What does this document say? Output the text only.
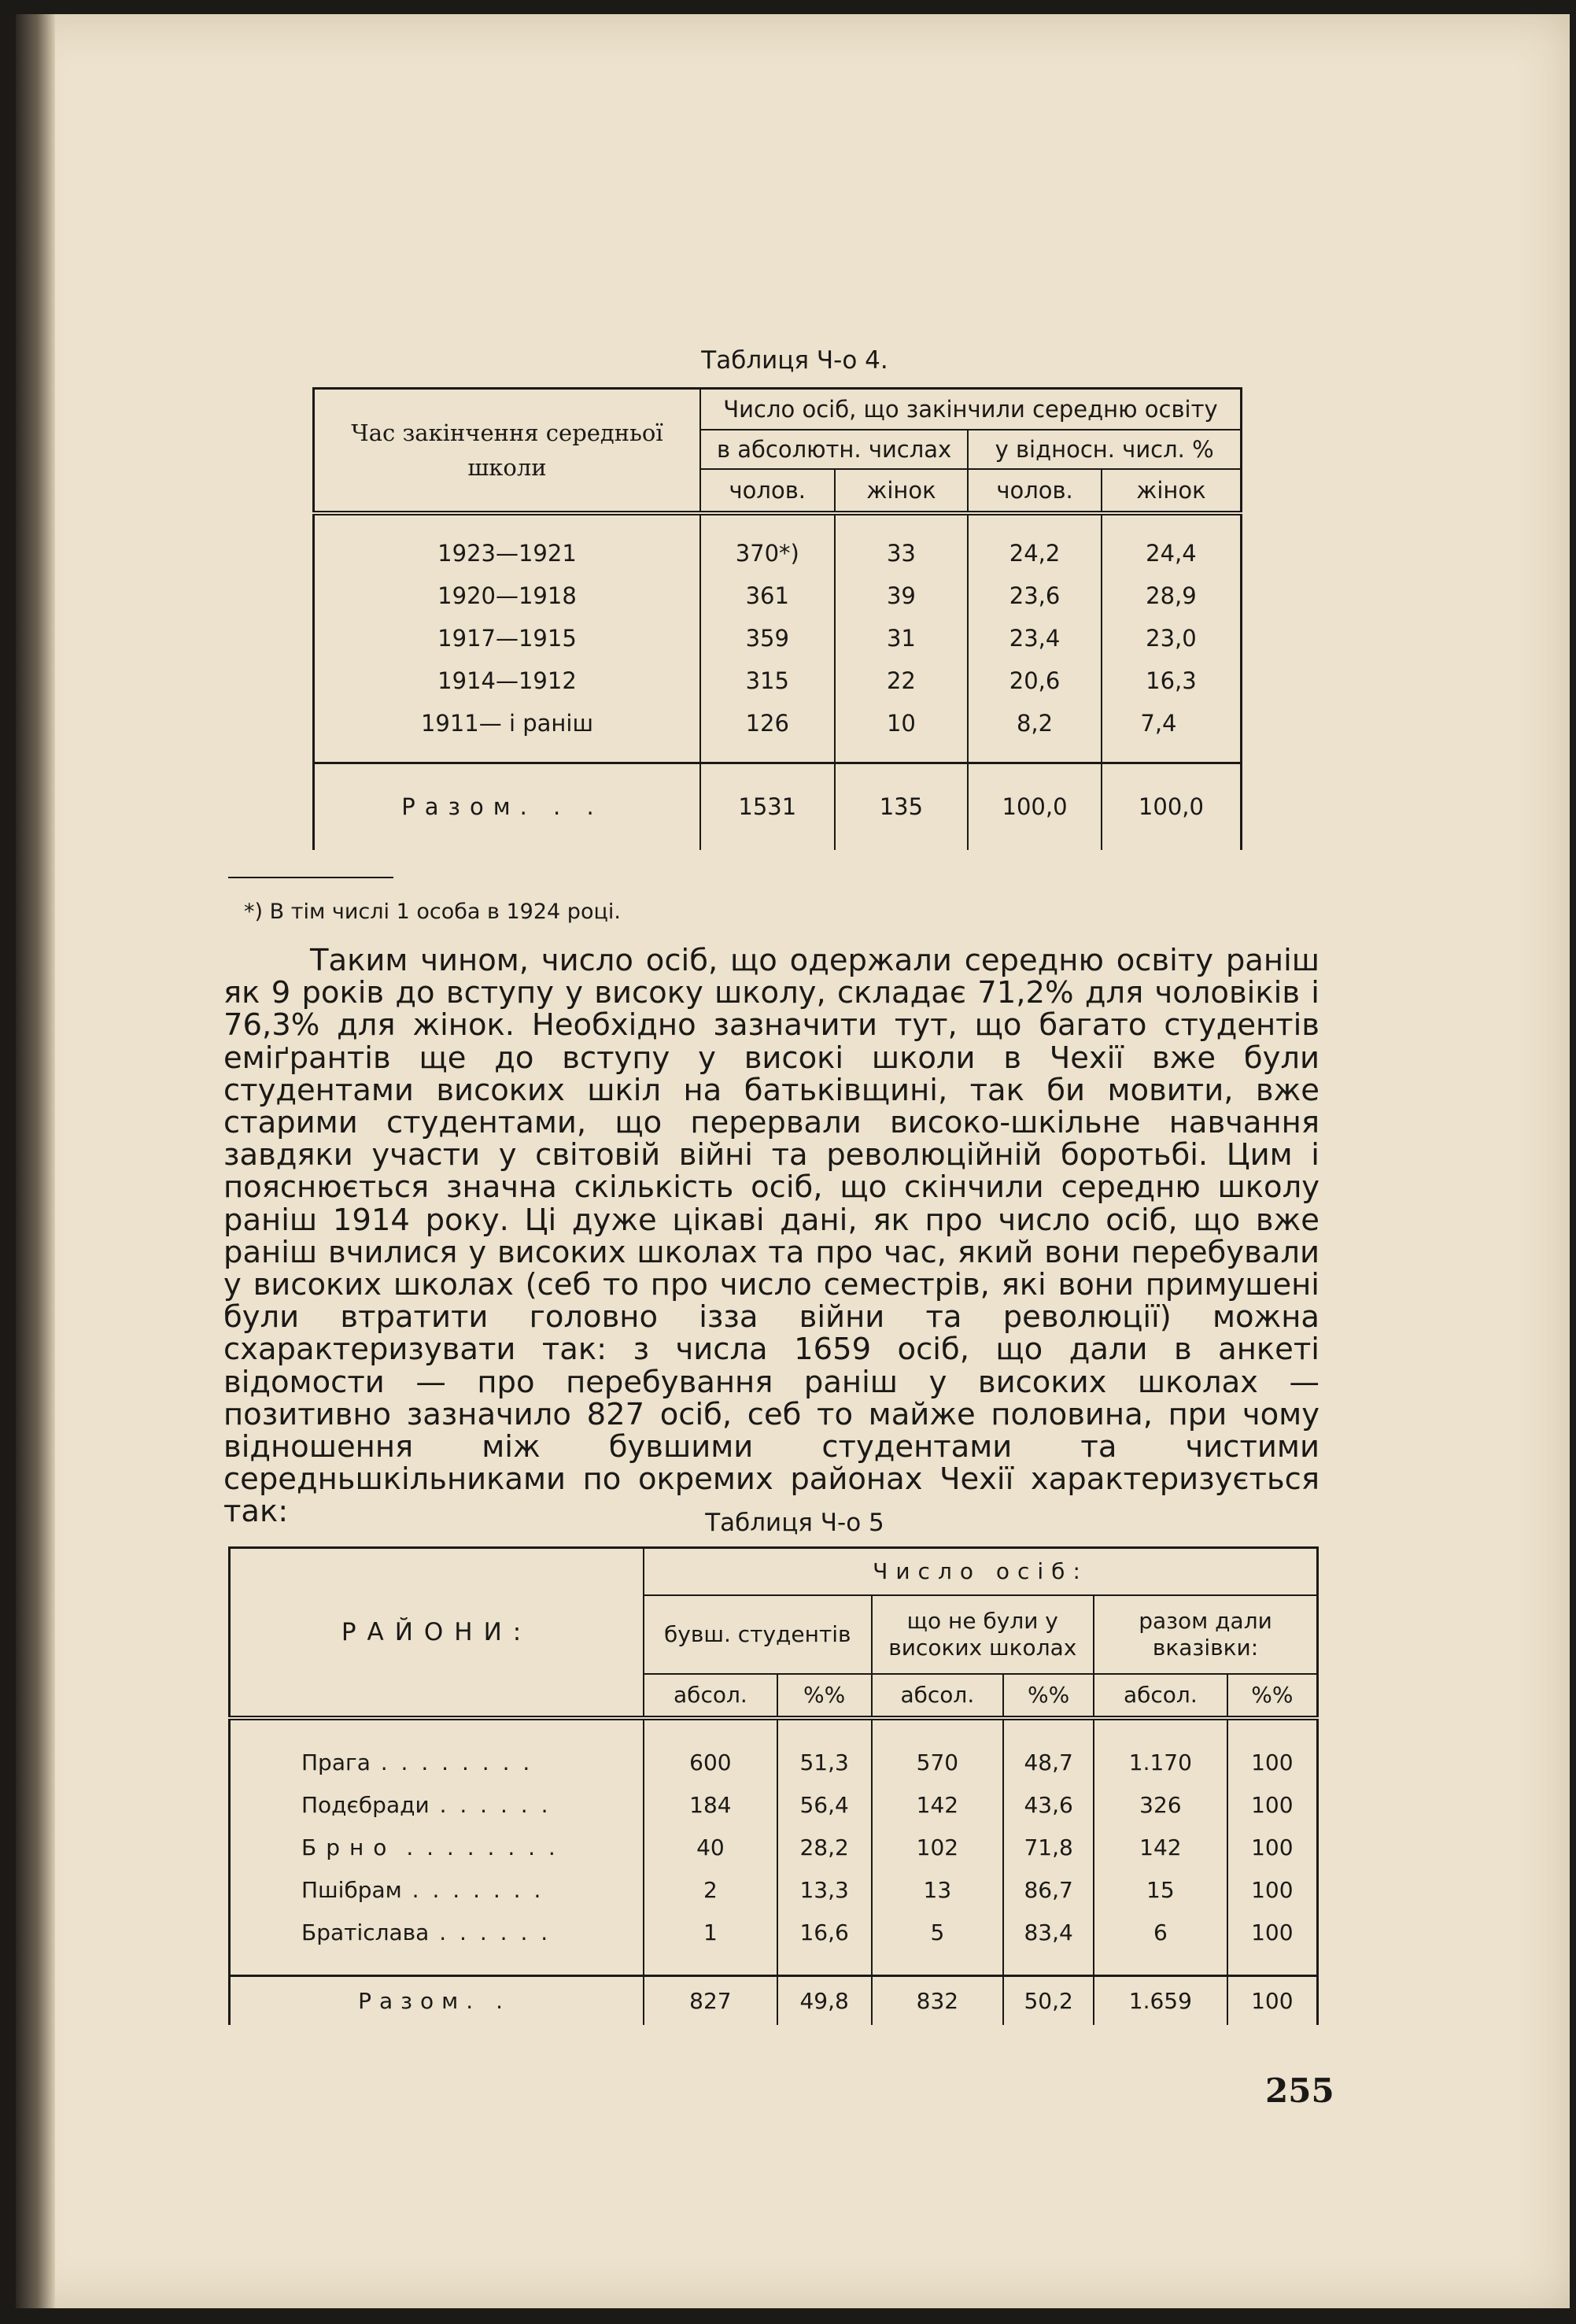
Таблиця Ч-о 4.
Час закінчення середньої школи	Число осіб, що закінчили середню освіту			
	в абсолютн. числах		у відносн. числ. %	
	чолов.	жінок	чолов.	жінок

1923—1921	370*)	33	24,2	24,4
1920—1918	361	39	23,6	28,9
1917—1915	359	31	23,4	23,0
1914—1912	315	22	20,6	16,3
1911— і раніш	126	10	8,2	7,4

Разом. . .	1531	135	100,0	100,0
*) В тім числі 1 особа в 1924 році.

Таким чином, число осіб, що одержали середню освіту раніш як 9 років до вступу у високу школу, складає 71,2% для чоловіків і 76,3% для жінок. Необхідно зазначити тут, що багато студентів еміґрантів ще до вступу у високі школи в Чехії вже були студентами високих шкіл на батьківщині, так би мовити, вже старими студентами, що перервали високо-шкільне навчання завдяки участи у світовій війні та революційній боротьбі. Цим і пояснюється значна скількість осіб, що скінчили середню школу раніш 1914 року. Ці дуже цікаві дані, як про число осіб, що вже раніш вчилися у високих школах та про час, який вони перебували у високих школах (себ то про число семестрів, які вони примушені були втратити головно ізза війни та революції) можна схарактеризувати так: з числа 1659 осіб, що дали в анкеті відомости — про перебування раніш у високих школах — позитивно зазначило 827 осіб, себ то майже половина, при чому відношення між бувшими студентами та чистими середньшкільниками по окремих районах Чехії характеризується так:	Таблиця Ч-о 5
РАЙОНИ:	Число осіб:					
	бувш. студентів		що не були у високих школах		разом дали вказівки:	
	абсол.	%%	абсол.	%%	абсол.	%%

Прага . . . . . . . .	600	51,3	570	48,7	1.170	100
Подєбради . . . . . .	184	56,4	142	43,6	326	100
Брно . . . . . . . .	40	28,2	102	71,8	142	100
Пшібрам . . . . . . .	2	13,3	13	86,7	15	100
Братіслава . . . . . .	1	16,6	5	83,4	6	100

Разом. .	827	49,8	832	50,2	1.659	100
255
